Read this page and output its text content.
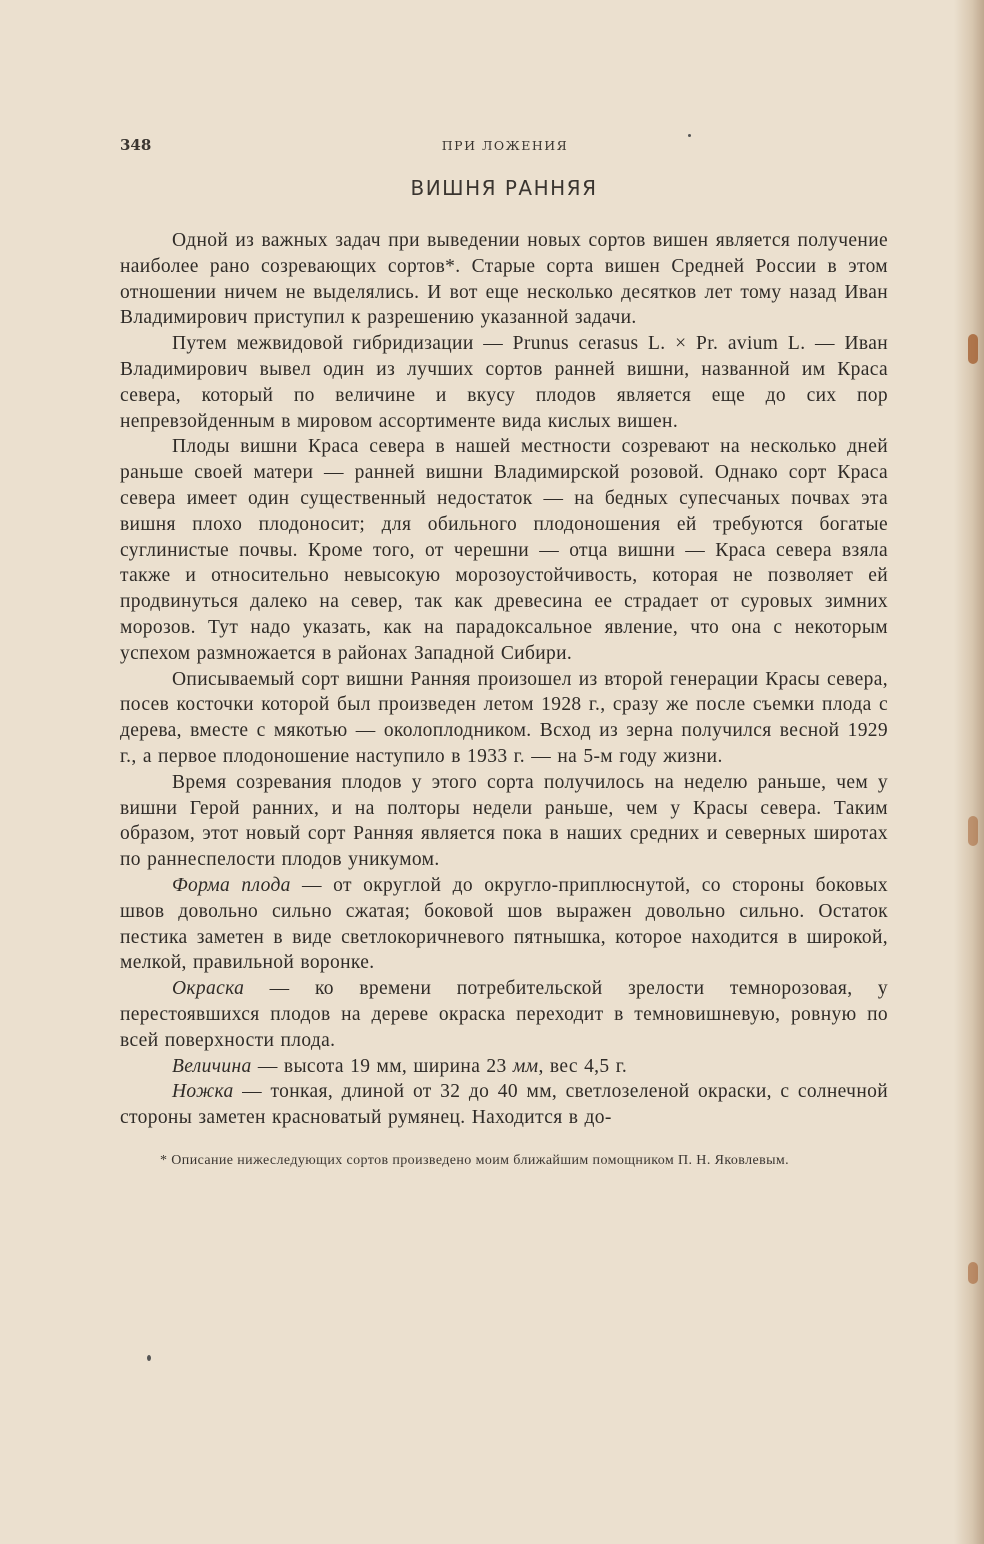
348	ПРИ ЛОЖЕНИЯ
ВИШНЯ РАННЯЯ

Одной из важных задач при выведении новых сортов вишен является получение наиболее рано созревающих сортов*. Старые сорта вишен Средней России в этом отношении ничем не выделялись. И вот еще несколько десятков лет тому назад Иван Владимирович приступил к разрешению указанной задачи.

Путем межвидовой гибридизации — Prunus cerasus L. × Pr. avium L. — Иван Владимирович вывел один из лучших сортов ранней вишни, названной им Краса севера, который по величине и вкусу плодов является еще до сих пор непревзойденным в мировом ассортименте вида кислых вишен.

Плоды вишни Краса севера в нашей местности созревают на несколько дней раньше своей матери — ранней вишни Владимирской розовой. Однако сорт Краса севера имеет один существенный недостаток — на бедных супесчаных почвах эта вишня плохо плодоносит; для обильного плодоношения ей требуются богатые суглинистые почвы. Кроме того, от черешни — отца вишни — Краса севера взяла также и относительно невысокую морозоустойчивость, которая не позволяет ей продвинуться далеко на север, так как древесина ее страдает от суровых зимних морозов. Тут надо указать, как на парадоксальное явление, что она с некоторым успехом размножается в районах Западной Сибири.

Описываемый сорт вишни Ранняя произошел из второй генерации Красы севера, посев косточки которой был произведен летом 1928 г., сразу же после съемки плода с дерева, вместе с мякотью — околоплодником. Всход из зерна получился весной 1929 г., а первое плодоношение наступило в 1933 г. — на 5-м году жизни.

Время созревания плодов у этого сорта получилось на неделю раньше, чем у вишни Герой ранних, и на полторы недели раньше, чем у Красы севера. Таким образом, этот новый сорт Ранняя является пока в наших средних и северных широтах по раннеспелости плодов уникумом.

Форма плода — от округлой до округло-приплюснутой, со стороны боковых швов довольно сильно сжатая; боковой шов выражен довольно сильно. Остаток пестика заметен в виде светлокоричневого пятнышка, которое находится в широкой, мелкой, правильной воронке.

Окраска — ко времени потребительской зрелости темнорозовая, у перестоявшихся плодов на дереве окраска переходит в темновишневую, ровную по всей поверхности плода.

Величина — высота 19 мм, ширина 23 мм, вес 4,5 г.

Ножка — тонкая, длиной от 32 до 40 мм, светлозеленой окраски, с солнечной стороны заметен красноватый румянец. Находится в до-

* Описание нижеследующих сортов произведено моим ближайшим помощником П. Н. Яковлевым.
